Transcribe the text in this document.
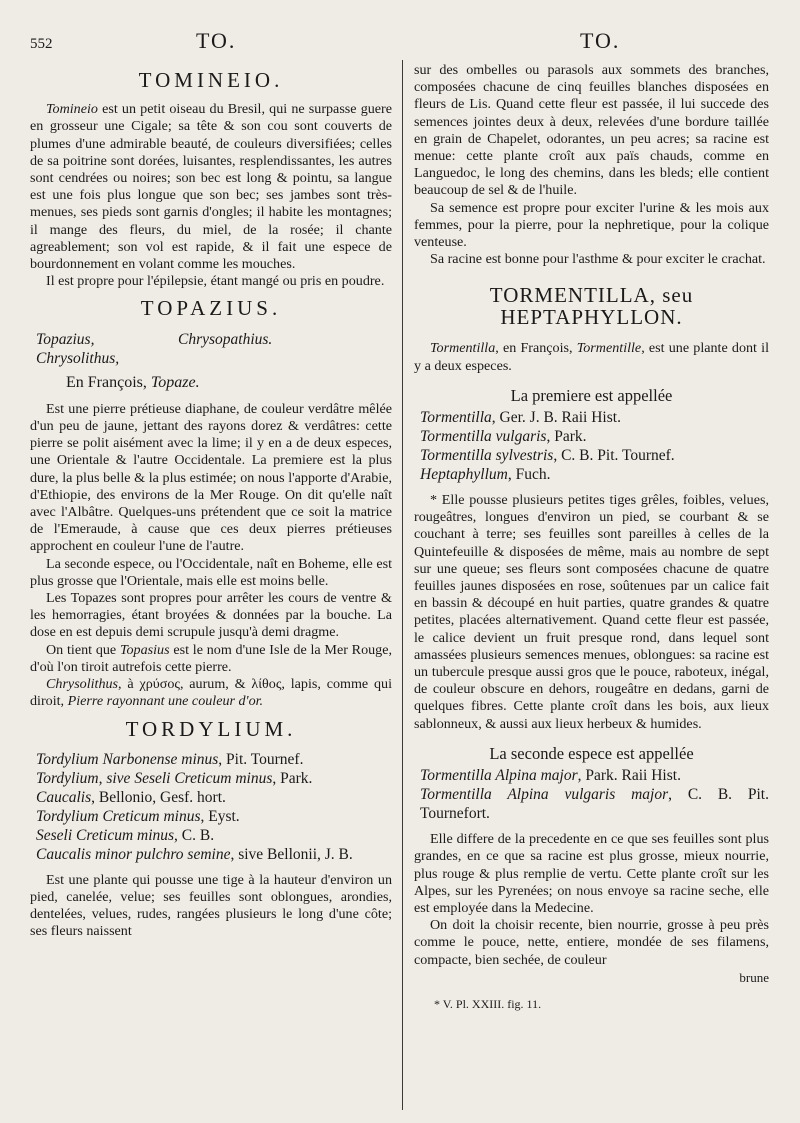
552	TO.	TO.
TOMINEIO.

Tomineio est un petit oiseau du Bresil, qui ne surpasse guere en grosseur une Cigale; sa tête & son cou sont couverts de plumes d'une admirable beauté, de couleurs diversifiées; celles de sa poitrine sont dorées, luisantes, resplendissantes, les autres sont cendrées ou noires; son bec est long & pointu, sa langue est une fois plus longue que son bec; ses jambes sont très-menues, ses pieds sont garnis d'ongles; il habite les montagnes; il mange des fleurs, du miel, de la rosée; il chante agreablement; son vol est rapide, & il fait une espece de bourdonnement en volant comme les mouches.

Il est propre pour l'épilepsie, étant mangé ou pris en poudre.

TOPAZIUS.
Topazius,	Chrysopathius.
Chrysolithus,
En François, Topaze.

Est une pierre prétieuse diaphane, de couleur verdâtre mêlée d'un peu de jaune, jettant des rayons dorez & verdâtres: cette pierre se polit aisément avec la lime; il y en a de deux especes, une Orientale & l'autre Occidentale. La premiere est la plus dure, la plus belle & la plus estimée; on nous l'apporte d'Arabie, d'Ethiopie, des environs de la Mer Rouge. On dit qu'elle naît avec l'Albâtre. Quelques-uns prétendent que ce soit la matrice de l'Emeraude, à cause que ces deux pierres prétieuses approchent en couleur l'une de l'autre.

La seconde espece, ou l'Occidentale, naît en Boheme, elle est plus grosse que l'Orientale, mais elle est moins belle.

Les Topazes sont propres pour arrêter les cours de ventre & les hemorragies, étant broyées & données par la bouche. La dose en est depuis demi scrupule jusqu'à demi dragme.

On tient que Topasius est le nom d'une Isle de la Mer Rouge, d'où l'on tiroit autrefois cette pierre.

Chrysolithus, à χρύσος, aurum, & λίθος, lapis, comme qui diroit, Pierre rayonnant une couleur d'or.

TORDYLIUM.
Tordylium Narbonense minus, Pit. Tournef.
Tordylium, sive Seseli Creticum minus, Park.
Caucalis, Bellonio, Gesf. hort.
Tordylium Creticum minus, Eyst.
Seseli Creticum minus, C. B.
Caucalis minor pulchro semine, sive Bellonii, J. B.

Est une plante qui pousse une tige à la hauteur d'environ un pied, canelée, velue; ses feuilles sont oblongues, arondies, dentelées, velues, rudes, rangées plusieurs le long d'une côte; ses fleurs naissent

sur des ombelles ou parasols aux sommets des branches, composées chacune de cinq feuilles blanches disposées en fleurs de Lis. Quand cette fleur est passée, il lui succede des semences jointes deux à deux, relevées d'une bordure taillée en grain de Chapelet, odorantes, un peu acres; sa racine est menue: cette plante croît aux païs chauds, comme en Languedoc, le long des chemins, dans les bleds; elle contient beaucoup de sel & de l'huile.

Sa semence est propre pour exciter l'urine & les mois aux femmes, pour la pierre, pour la nephretique, pour la colique venteuse.

Sa racine est bonne pour l'asthme & pour exciter le crachat.

TORMENTILLA, seu HEPTAPHYLLON.

Tormentilla, en François, Tormentille, est une plante dont il y a deux especes.

La premiere est appellée
Tormentilla, Ger. J. B. Raii Hist.
Tormentilla vulgaris, Park.
Tormentilla sylvestris, C. B. Pit. Tournef.
Heptaphyllum, Fuch.

* Elle pousse plusieurs petites tiges grêles, foibles, velues, rougeâtres, longues d'environ un pied, se courbant & se couchant à terre; ses feuilles sont pareilles à celles de la Quintefeuille & disposées de même, mais au nombre de sept sur une queue; ses fleurs sont composées chacune de quatre feuilles jaunes disposées en rose, soûtenues par un calice fait en bassin & découpé en huit parties, quatre grandes & quatre petites, placées alternativement. Quand cette fleur est passée, le calice devient un fruit presque rond, dans lequel sont amassées plusieurs semences menues, oblongues: sa racine est un tubercule presque aussi gros que le pouce, raboteux, inégal, de couleur obscure en dehors, rougeâtre en dedans, garni de quelques fibres. Cette plante croît dans les bois, aux lieux sablonneux, & aussi aux lieux herbeux & humides.

La seconde espece est appellée
Tormentilla Alpina major, Park. Raii Hist.
Tormentilla Alpina vulgaris major, C. B. Pit. Tournefort.

Elle differe de la precedente en ce que ses feuilles sont plus grandes, en ce que sa racine est plus grosse, mieux nourrie, plus rouge & plus remplie de vertu. Cette plante croît sur les Alpes, sur les Pyrenées; on nous envoye sa racine seche, elle est employée dans la Medecine.

On doit la choisir recente, bien nourrie, grosse à peu près comme le pouce, nette, entiere, mondée de ses filamens, compacte, bien sechée, de couleur

brune
* V. Pl. XXIII. fig. 11.
